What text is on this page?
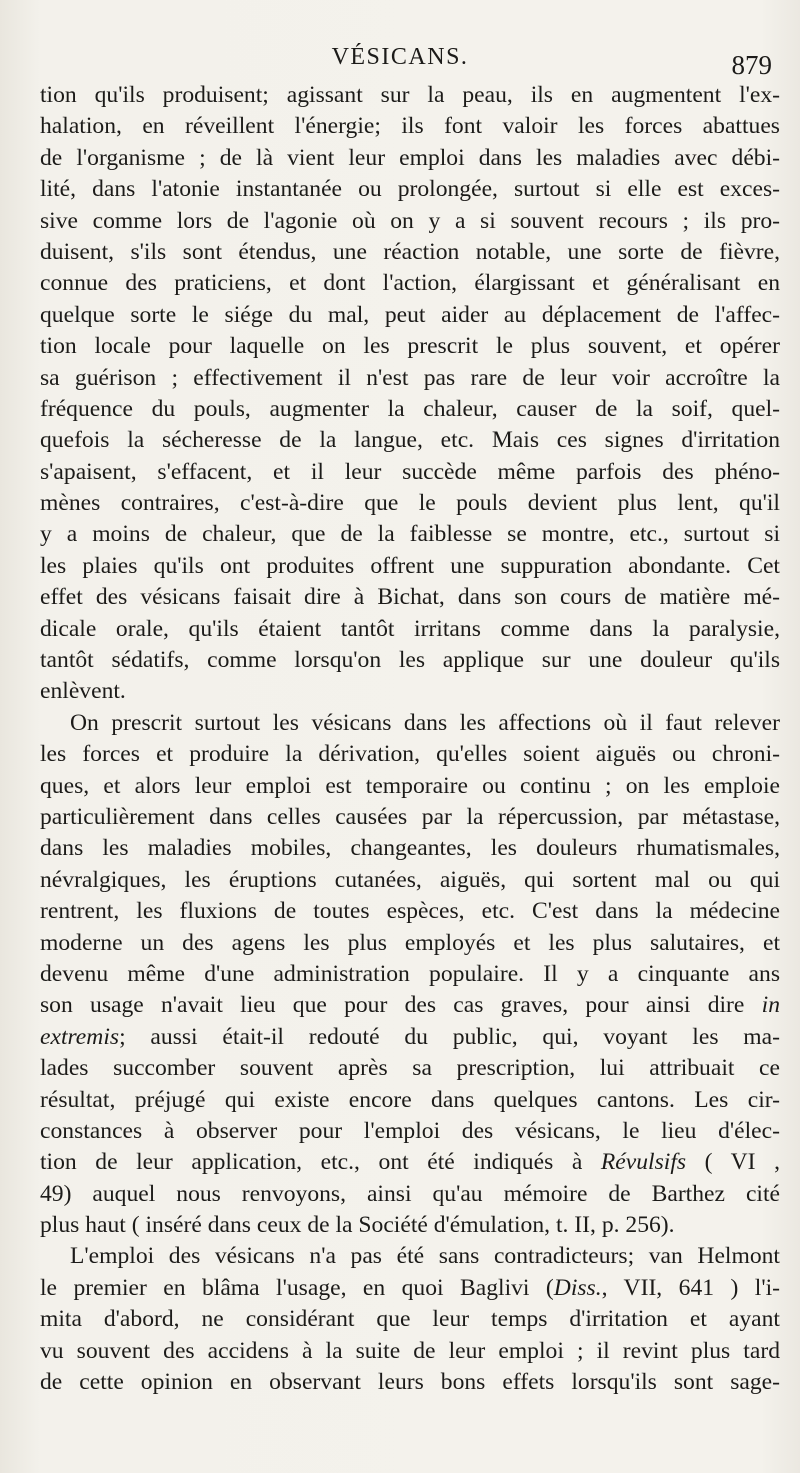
VÉSICANS.	879
tion qu'ils produisent; agissant sur la peau, ils en augmentent l'ex-
halation, en réveillent l'énergie; ils font valoir les forces abattues
de l'organisme ; de là vient leur emploi dans les maladies avec débi-
lité, dans l'atonie instantanée ou prolongée, surtout si elle est exces-
sive comme lors de l'agonie où on y a si souvent recours ; ils pro-
duisent, s'ils sont étendus, une réaction notable, une sorte de fièvre,
connue des praticiens, et dont l'action, élargissant et généralisant en
quelque sorte le siége du mal, peut aider au déplacement de l'affec-
tion locale pour laquelle on les prescrit le plus souvent, et opérer
sa guérison ; effectivement il n'est pas rare de leur voir accroître la
fréquence du pouls, augmenter la chaleur, causer de la soif, quel-
quefois la sécheresse de la langue, etc. Mais ces signes d'irritation
s'apaisent, s'effacent, et il leur succède même parfois des phéno-
mènes contraires, c'est-à-dire que le pouls devient plus lent, qu'il
y a moins de chaleur, que de la faiblesse se montre, etc., surtout si
les plaies qu'ils ont produites offrent une suppuration abondante. Cet
effet des vésicans faisait dire à Bichat, dans son cours de matière mé-
dicale orale, qu'ils étaient tantôt irritans comme dans la paralysie,
tantôt sédatifs, comme lorsqu'on les applique sur une douleur qu'ils
enlèvent.
On prescrit surtout les vésicans dans les affections où il faut relever
les forces et produire la dérivation, qu'elles soient aiguës ou chroni-
ques, et alors leur emploi est temporaire ou continu ; on les emploie
particulièrement dans celles causées par la répercussion, par métastase,
dans les maladies mobiles, changeantes, les douleurs rhumatismales,
névralgiques, les éruptions cutanées, aiguës, qui sortent mal ou qui
rentrent, les fluxions de toutes espèces, etc. C'est dans la médecine
moderne un des agens les plus employés et les plus salutaires, et
devenu même d'une administration populaire. Il y a cinquante ans
son usage n'avait lieu que pour des cas graves, pour ainsi dire in
extremis; aussi était-il redouté du public, qui, voyant les ma-
lades succomber souvent après sa prescription, lui attribuait ce
résultat, préjugé qui existe encore dans quelques cantons. Les cir-
constances à observer pour l'emploi des vésicans, le lieu d'élec-
tion de leur application, etc., ont été indiqués à Révulsifs ( VI ,
49) auquel nous renvoyons, ainsi qu'au mémoire de Barthez cité
plus haut ( inséré dans ceux de la Société d'émulation, t. II, p. 256).
L'emploi des vésicans n'a pas été sans contradicteurs; van Helmont
le premier en blâma l'usage, en quoi Baglivi (Diss., VII, 641 ) l'i-
mita d'abord, ne considérant que leur temps d'irritation et ayant
vu souvent des accidens à la suite de leur emploi ; il revint plus tard
de cette opinion en observant leurs bons effets lorsqu'ils sont sage-
